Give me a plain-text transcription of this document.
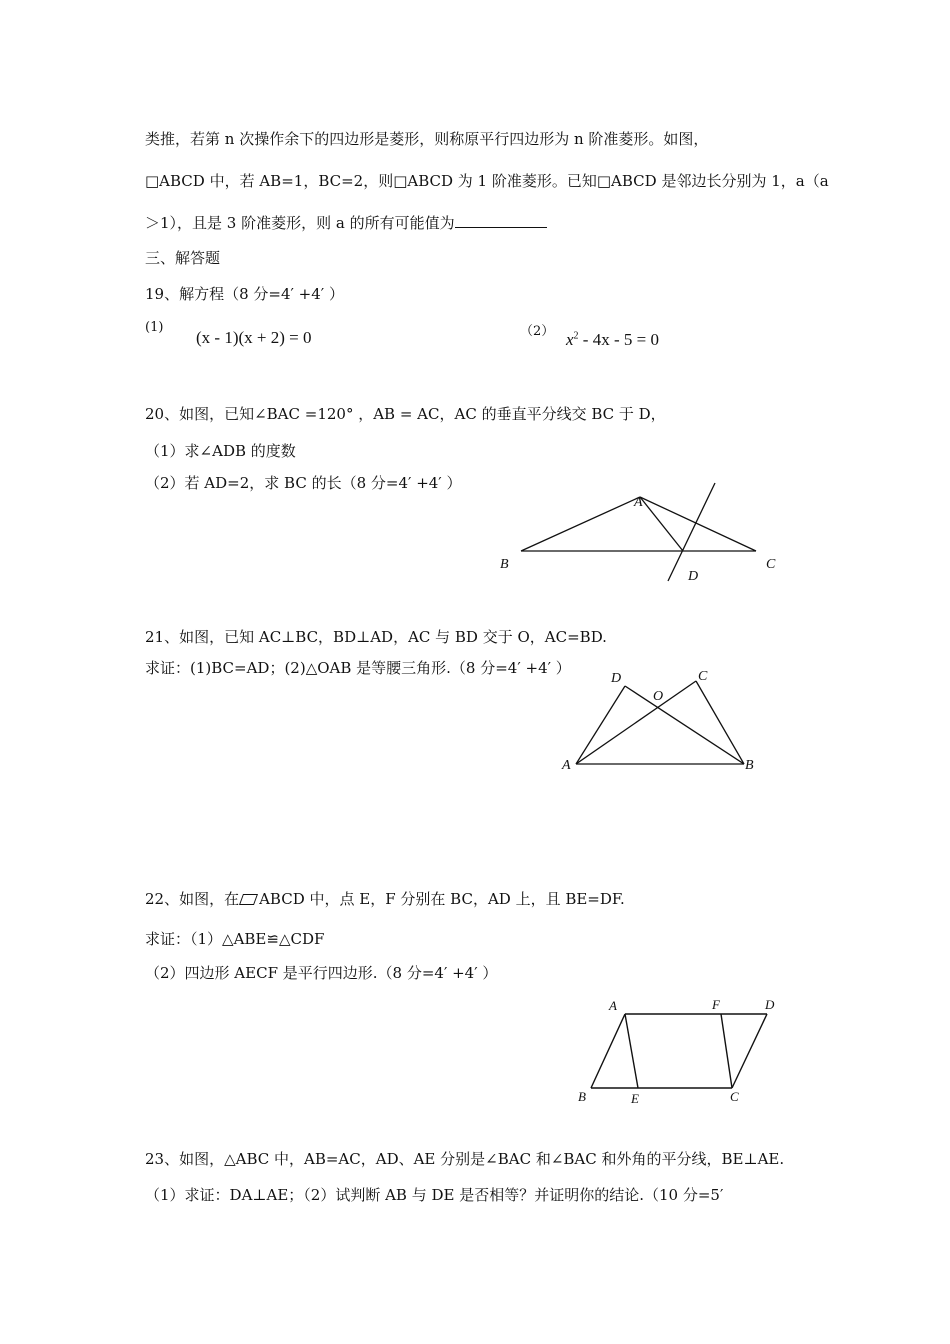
类推，若第 n 次操作余下的四边形是菱形，则称原平行四边形为 n 阶准菱形。如图，
□ABCD 中，若 AB=1，BC=2，则□ABCD 为 1 阶准菱形。已知□ABCD 是邻边长分别为 1，a（a
＞1），且是 3 阶准菱形，则 a 的所有可能值为
三、解答题
19、解方程（8 分=4′ +4′ ）
(1)
(x - 1)(x + 2) = 0	（2） $x^2 - 4x - 5 = 0$
20、如图，已知∠BAC =120° ，AB = AC，AC 的垂直平分线交 BC 于 D，
（1）求∠ADB 的度数
（2）若 AD=2，求 BC 的长（8 分=4′ +4′ ）
A
B	C
D
21、如图，已知 AC⊥BC，BD⊥AD，AC 与 BD 交于 O，AC=BD.
求证：(1)BC=AD；(2)△OAB 是等腰三角形.（8 分=4′ +4′ ）
D	C
O
A	B
22、如图，在 ABCD 中，点 E，F 分别在 BC，AD 上，且 BE=DF.
求证：（1）△ABE≌△CDF
（2）四边形 AECF 是平行四边形.（8 分=4′ +4′ ）
A	F	D
B	E	C
23、如图，△ABC 中，AB=AC，AD、AE 分别是∠BAC 和∠BAC 和外角的平分线，BE⊥AE.
（1）求证：DA⊥AE；（2）试判断 AB 与 DE 是否相等？并证明你的结论.（10 分=5′
